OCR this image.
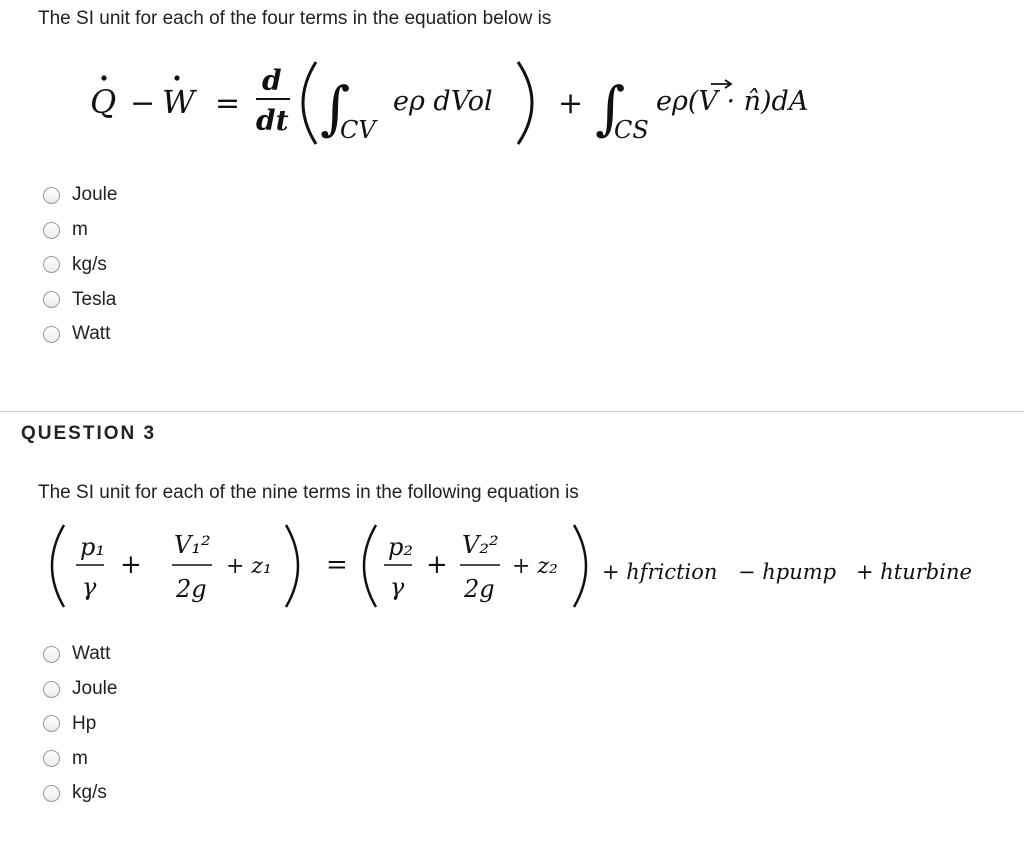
The SI unit for each of the four terms in the equation below is
Q − W =
d
dt ∫
CV
eρ dVol + ∫
CS
eρ(V · n̂)dA
Joule
m
kg/s
Tesla
Watt
QUESTION 3
The SI unit for each of the nine terms in the following equation is
p₁
γ
+
V₁²
2g
+ z₁ =
p₂
γ
+
V₂²
2g
+ z₂ + hfriction − hpump + hturbine
Watt
Joule
Hp
m
kg/s
